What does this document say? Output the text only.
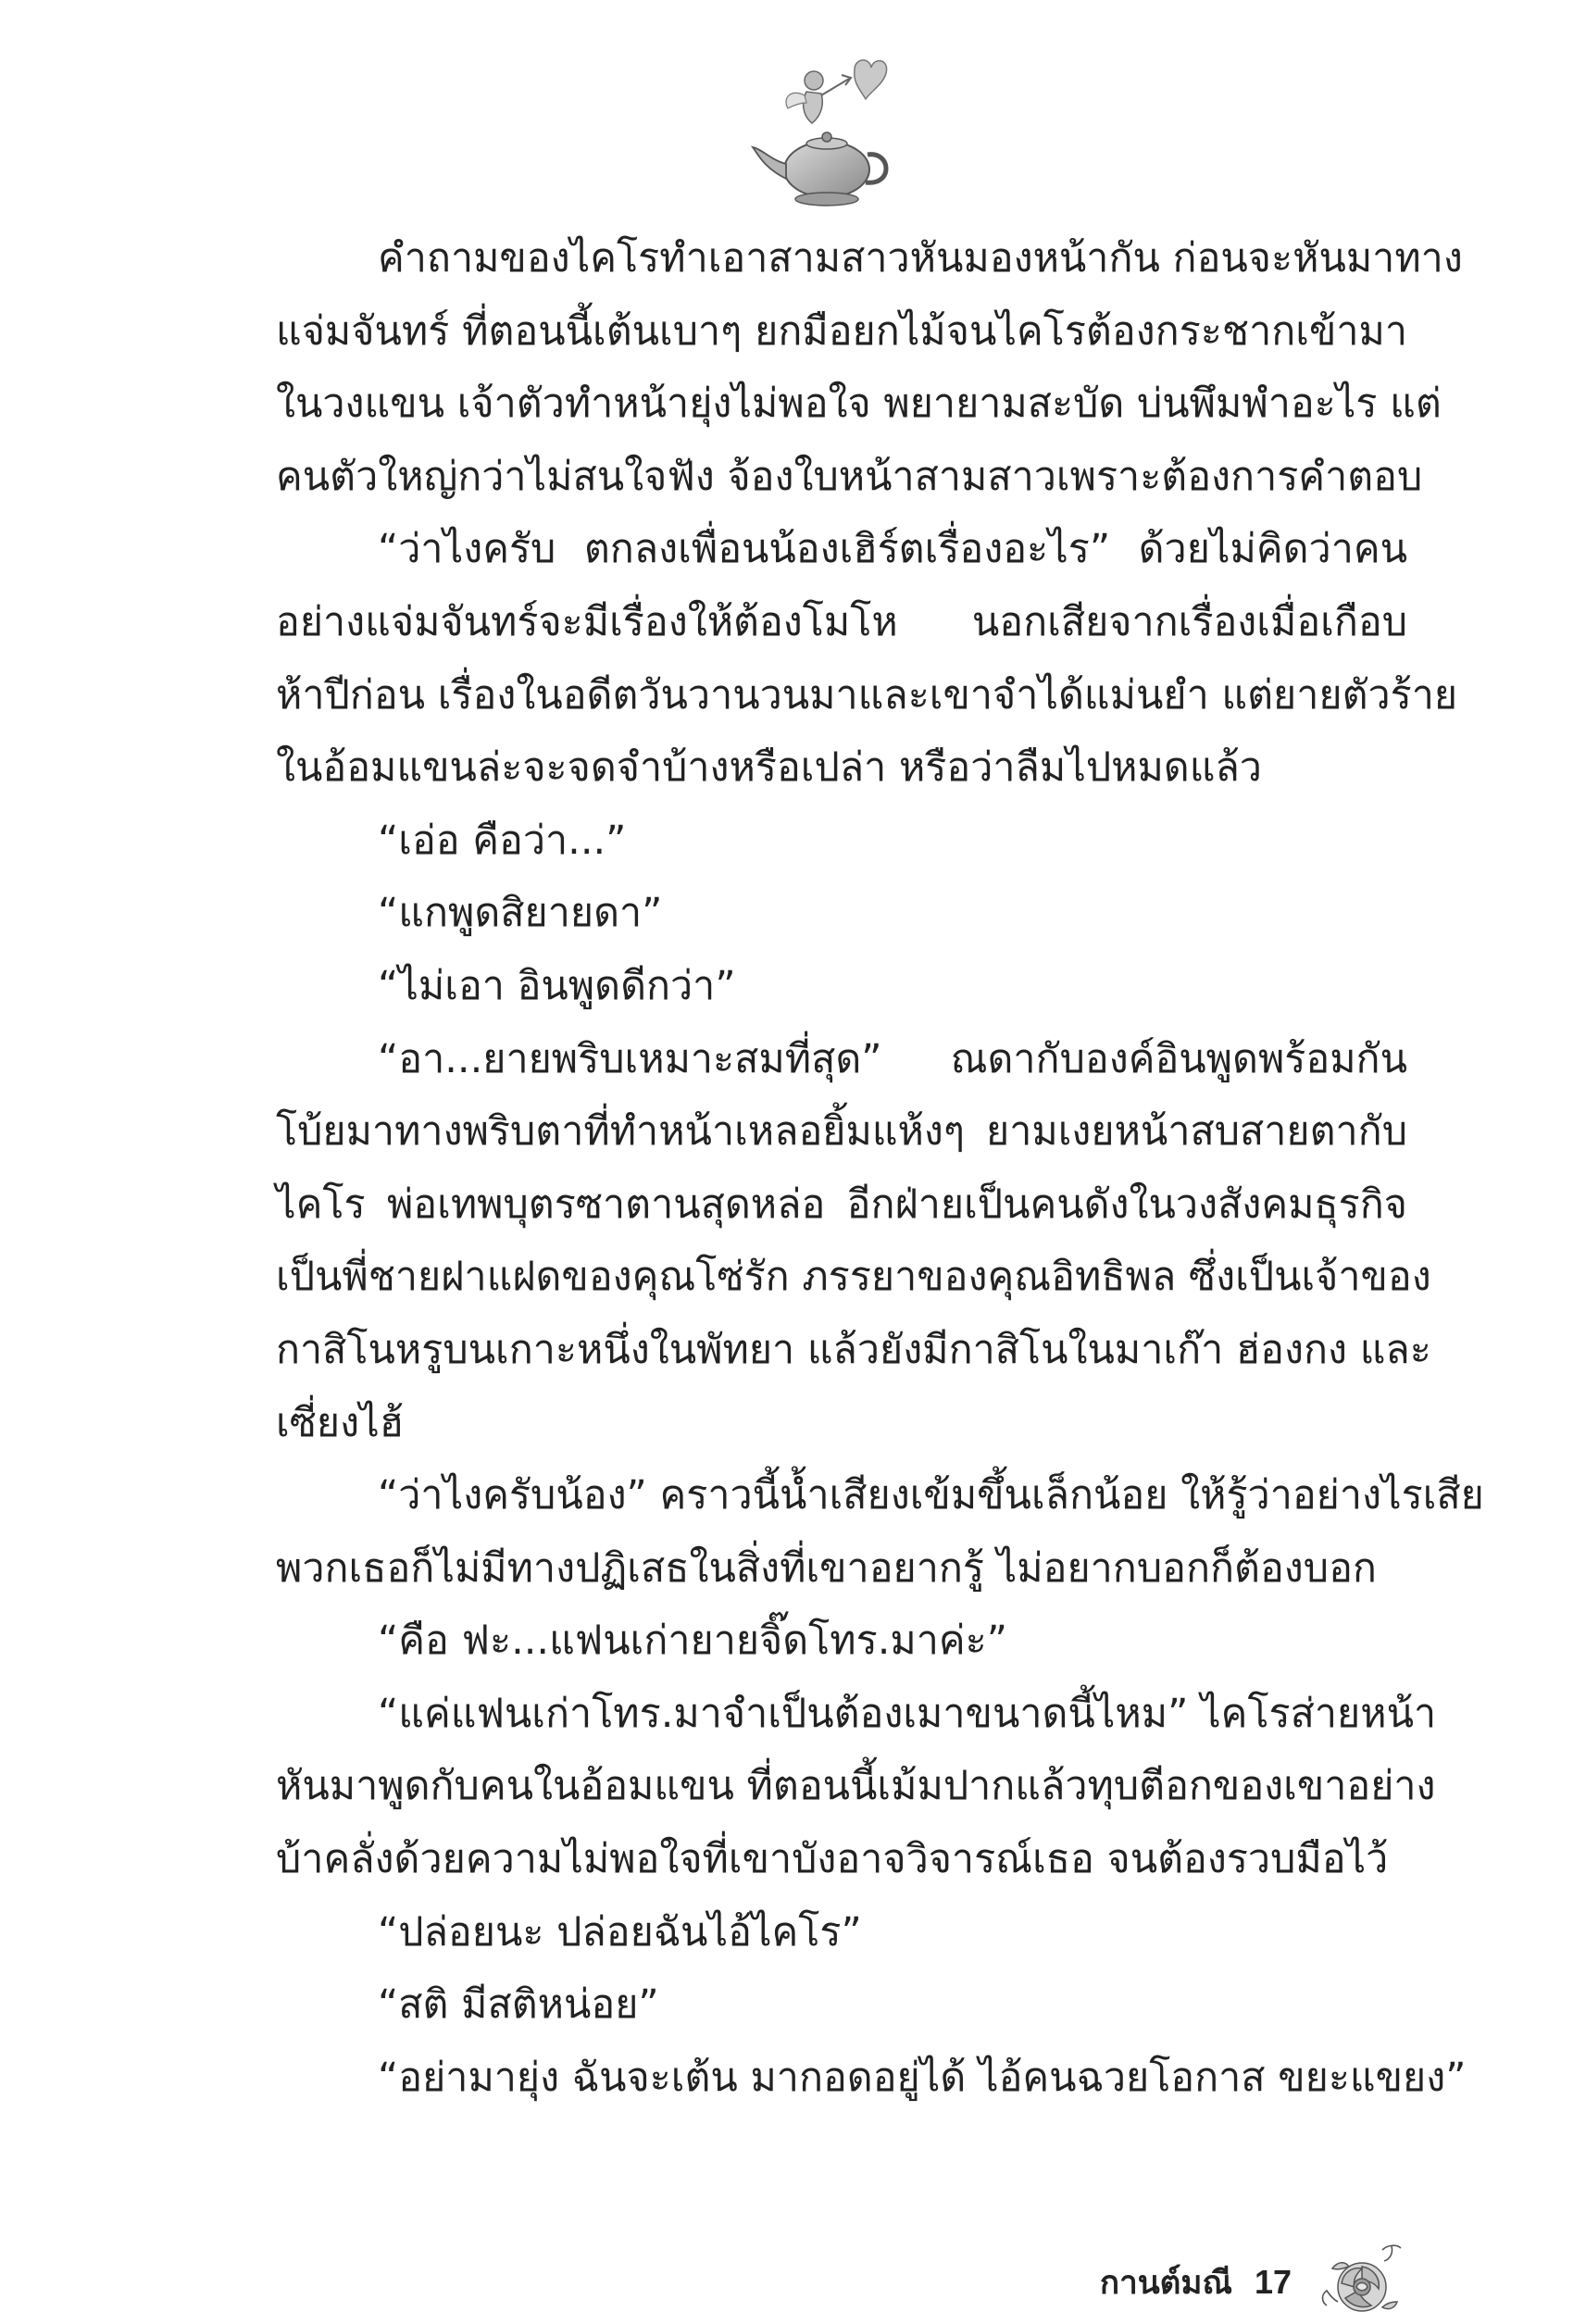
คำถามของไคโรทำเอาสามสาวหันมองหน้ากัน ก่อนจะหันมาทาง
แจ่มจันทร์ ที่ตอนนี้เต้นเบาๆ ยกมือยกไม้จนไคโรต้องกระชากเข้ามา
ในวงแขน เจ้าตัวทำหน้ายุ่งไม่พอใจ พยายามสะบัด บ่นพึมพำอะไร แต่
คนตัวใหญ่กว่าไม่สนใจฟัง จ้องใบหน้าสามสาวเพราะต้องการคำตอบ
“ว่าไงครับ ตกลงเพื่อนน้องเฮิร์ตเรื่องอะไร” ด้วยไม่คิดว่าคน
อย่างแจ่มจันทร์จะมีเรื่องให้ต้องโมโห นอกเสียจากเรื่องเมื่อเกือบ
ห้าปีก่อน เรื่องในอดีตวันวานวนมาและเขาจำได้แม่นยำ แต่ยายตัวร้าย
ในอ้อมแขนล่ะจะจดจำบ้างหรือเปล่า หรือว่าลืมไปหมดแล้ว
“เอ่อ คือว่า...”
“แกพูดสิยายดา”
“ไม่เอา อินพูดดีกว่า”
“อา...ยายพริบเหมาะสมที่สุด” ณดากับองค์อินพูดพร้อมกัน
โบ้ยมาทางพริบตาที่ทำหน้าเหลอยิ้มแห้งๆ ยามเงยหน้าสบสายตากับ
ไคโร พ่อเทพบุตรซาตานสุดหล่อ อีกฝ่ายเป็นคนดังในวงสังคมธุรกิจ
เป็นพี่ชายฝาแฝดของคุณโซ่รัก ภรรยาของคุณอิทธิพล ซึ่งเป็นเจ้าของ
กาสิโนหรูบนเกาะหนึ่งในพัทยา แล้วยังมีกาสิโนในมาเก๊า ฮ่องกง และ
เซี่ยงไฮ้
“ว่าไงครับน้อง” คราวนี้น้ำเสียงเข้มขึ้นเล็กน้อย ให้รู้ว่าอย่างไรเสีย
พวกเธอก็ไม่มีทางปฏิเสธในสิ่งที่เขาอยากรู้ ไม่อยากบอกก็ต้องบอก
“คือ ฟะ...แฟนเก่ายายจิ๊ดโทร.มาค่ะ”
“แค่แฟนเก่าโทร.มาจำเป็นต้องเมาขนาดนี้ไหม” ไคโรส่ายหน้า
หันมาพูดกับคนในอ้อมแขน ที่ตอนนี้เม้มปากแล้วทุบตีอกของเขาอย่าง
บ้าคลั่งด้วยความไม่พอใจที่เขาบังอาจวิจารณ์เธอ จนต้องรวบมือไว้
“ปล่อยนะ ปล่อยฉันไอ้ไคโร”
“สติ มีสติหน่อย”
“อย่ามายุ่ง ฉันจะเต้น มากอดอยู่ได้ ไอ้คนฉวยโอกาส ขยะแขยง”
กานต์มณี 17
